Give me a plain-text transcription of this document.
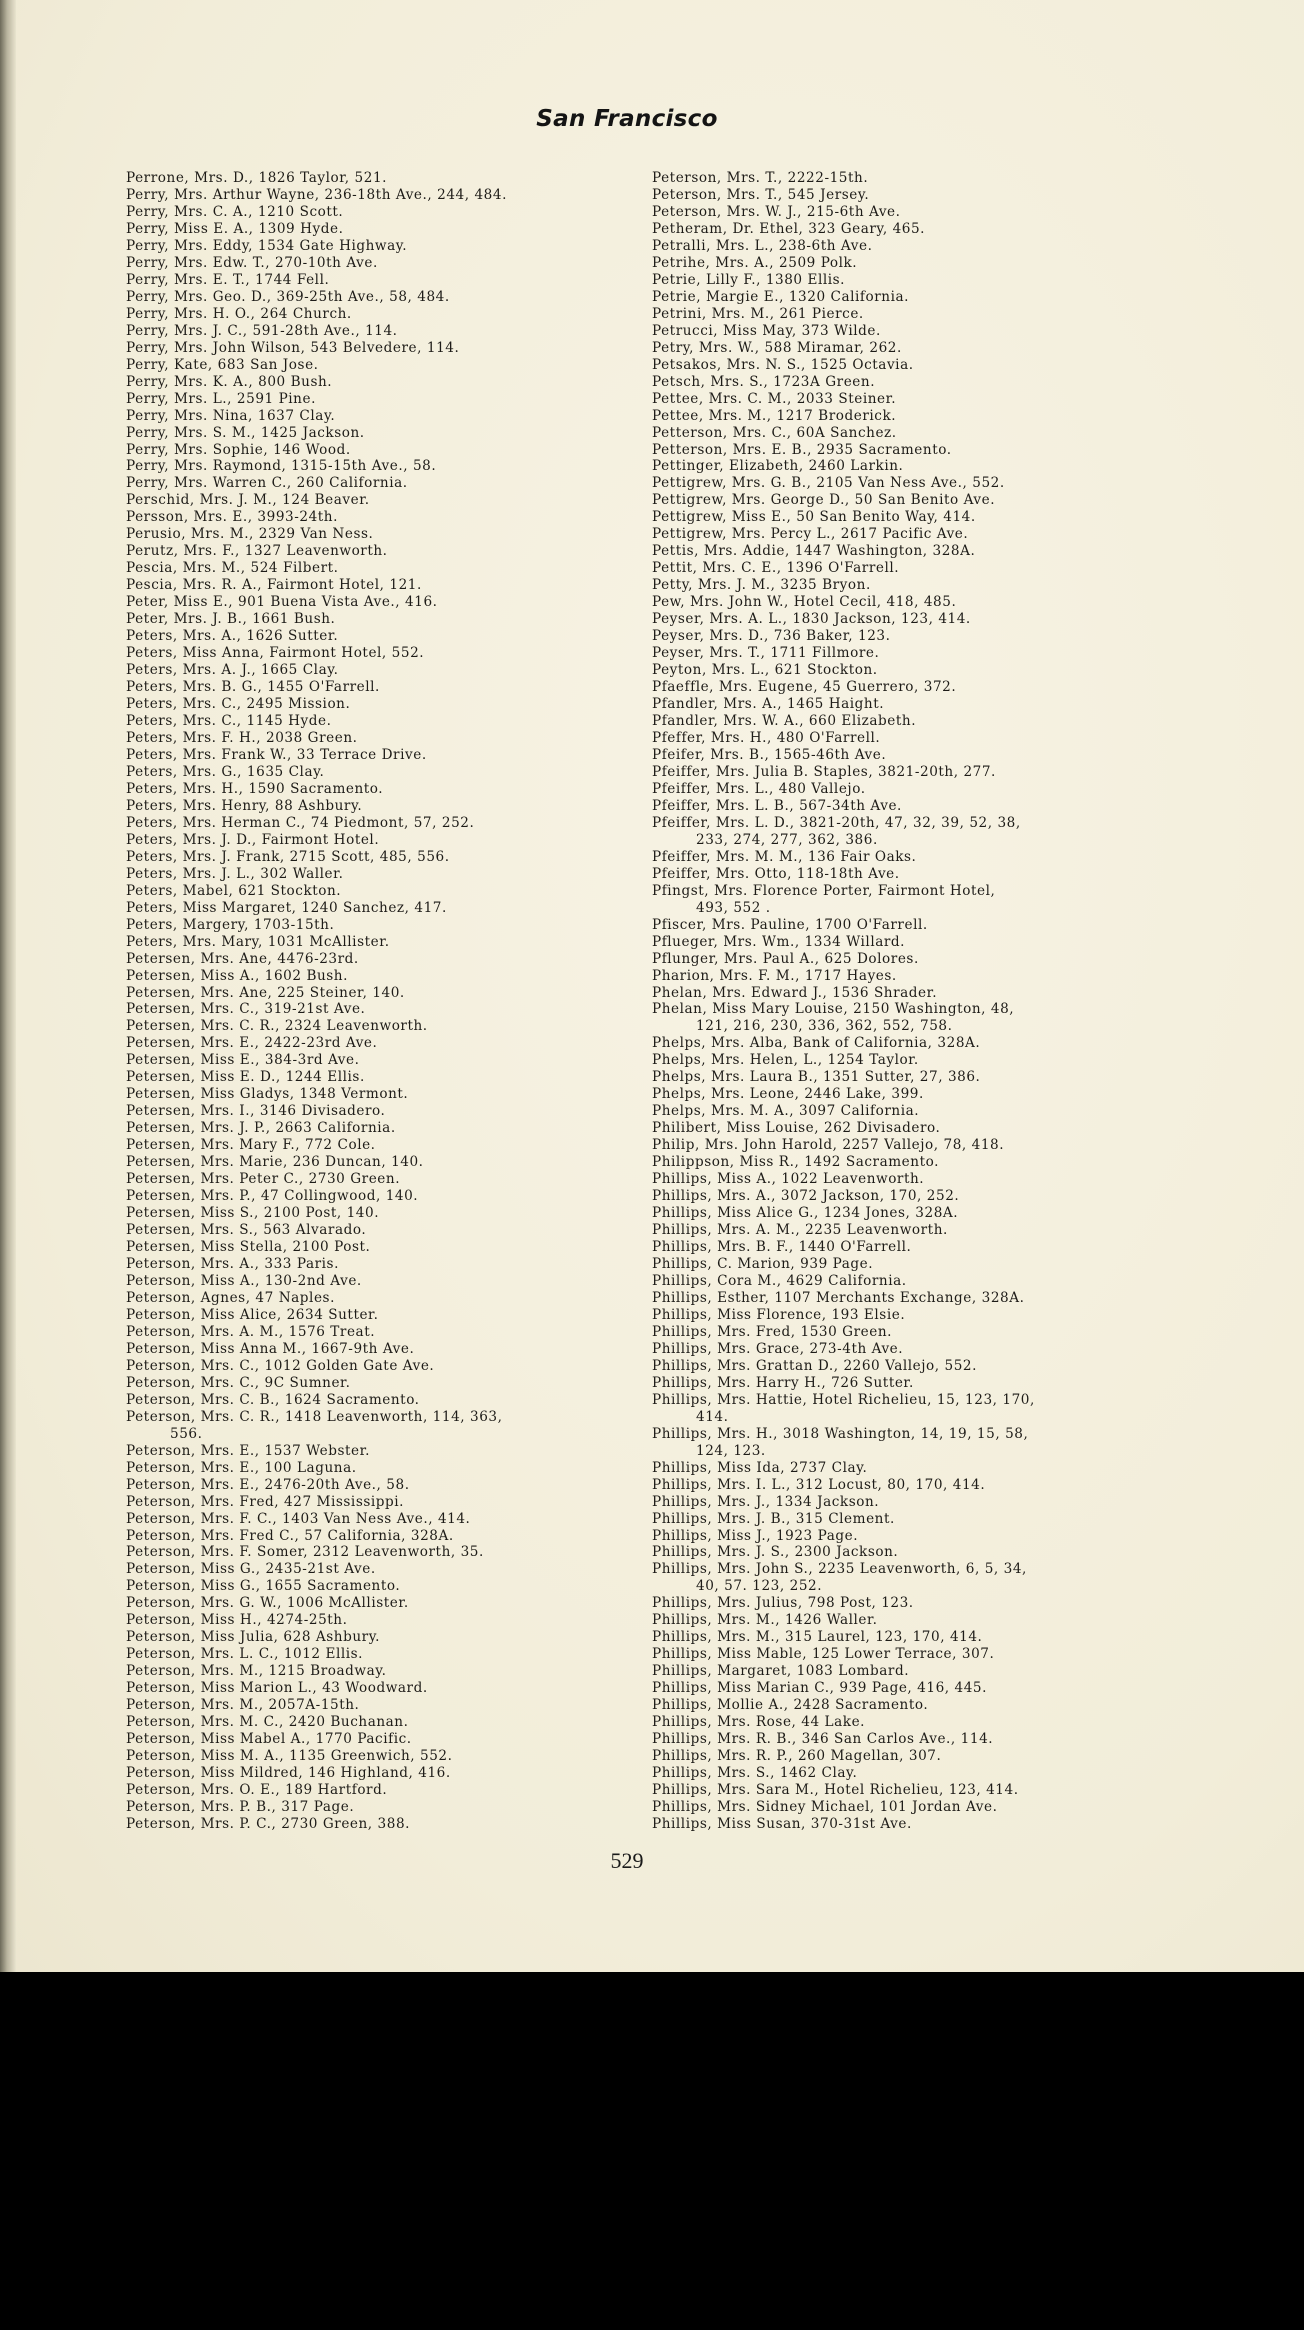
San Francisco
Perrone, Mrs. D., 1826 Taylor, 521.
Perry, Mrs. Arthur Wayne, 236-18th Ave., 244, 484.
Perry, Mrs. C. A., 1210 Scott.
Perry, Miss E. A., 1309 Hyde.
Perry, Mrs. Eddy, 1534 Gate Highway.
Perry, Mrs. Edw. T., 270-10th Ave.
Perry, Mrs. E. T., 1744 Fell.
Perry, Mrs. Geo. D., 369-25th Ave., 58, 484.
Perry, Mrs. H. O., 264 Church.
Perry, Mrs. J. C., 591-28th Ave., 114.
Perry, Mrs. John Wilson, 543 Belvedere, 114.
Perry, Kate, 683 San Jose.
Perry, Mrs. K. A., 800 Bush.
Perry, Mrs. L., 2591 Pine.
Perry, Mrs. Nina, 1637 Clay.
Perry, Mrs. S. M., 1425 Jackson.
Perry, Mrs. Sophie, 146 Wood.
Perry, Mrs. Raymond, 1315-15th Ave., 58.
Perry, Mrs. Warren C., 260 California.
Perschid, Mrs. J. M., 124 Beaver.
Persson, Mrs. E., 3993-24th.
Perusio, Mrs. M., 2329 Van Ness.
Perutz, Mrs. F., 1327 Leavenworth.
Pescia, Mrs. M., 524 Filbert.
Pescia, Mrs. R. A., Fairmont Hotel, 121.
Peter, Miss E., 901 Buena Vista Ave., 416.
Peter, Mrs. J. B., 1661 Bush.
Peters, Mrs. A., 1626 Sutter.
Peters, Miss Anna, Fairmont Hotel, 552.
Peters, Mrs. A. J., 1665 Clay.
Peters, Mrs. B. G., 1455 O'Farrell.
Peters, Mrs. C., 2495 Mission.
Peters, Mrs. C., 1145 Hyde.
Peters, Mrs. F. H., 2038 Green.
Peters, Mrs. Frank W., 33 Terrace Drive.
Peters, Mrs. G., 1635 Clay.
Peters, Mrs. H., 1590 Sacramento.
Peters, Mrs. Henry, 88 Ashbury.
Peters, Mrs. Herman C., 74 Piedmont, 57, 252.
Peters, Mrs. J. D., Fairmont Hotel.
Peters, Mrs. J. Frank, 2715 Scott, 485, 556.
Peters, Mrs. J. L., 302 Waller.
Peters, Mabel, 621 Stockton.
Peters, Miss Margaret, 1240 Sanchez, 417.
Peters, Margery, 1703-15th.
Peters, Mrs. Mary, 1031 McAllister.
Petersen, Mrs. Ane, 4476-23rd.
Petersen, Miss A., 1602 Bush.
Petersen, Mrs. Ane, 225 Steiner, 140.
Petersen, Mrs. C., 319-21st Ave.
Petersen, Mrs. C. R., 2324 Leavenworth.
Petersen, Mrs. E., 2422-23rd Ave.
Petersen, Miss E., 384-3rd Ave.
Petersen, Miss E. D., 1244 Ellis.
Petersen, Miss Gladys, 1348 Vermont.
Petersen, Mrs. I., 3146 Divisadero.
Petersen, Mrs. J. P., 2663 California.
Petersen, Mrs. Mary F., 772 Cole.
Petersen, Mrs. Marie, 236 Duncan, 140.
Petersen, Mrs. Peter C., 2730 Green.
Petersen, Mrs. P., 47 Collingwood, 140.
Petersen, Miss S., 2100 Post, 140.
Petersen, Mrs. S., 563 Alvarado.
Petersen, Miss Stella, 2100 Post.
Peterson, Mrs. A., 333 Paris.
Peterson, Miss A., 130-2nd Ave.
Peterson, Agnes, 47 Naples.
Peterson, Miss Alice, 2634 Sutter.
Peterson, Mrs. A. M., 1576 Treat.
Peterson, Miss Anna M., 1667-9th Ave.
Peterson, Mrs. C., 1012 Golden Gate Ave.
Peterson, Mrs. C., 9C Sumner.
Peterson, Mrs. C. B., 1624 Sacramento.
Peterson, Mrs. C. R., 1418 Leavenworth, 114, 363,
556.
Peterson, Mrs. E., 1537 Webster.
Peterson, Mrs. E., 100 Laguna.
Peterson, Mrs. E., 2476-20th Ave., 58.
Peterson, Mrs. Fred, 427 Mississippi.
Peterson, Mrs. F. C., 1403 Van Ness Ave., 414.
Peterson, Mrs. Fred C., 57 California, 328A.
Peterson, Mrs. F. Somer, 2312 Leavenworth, 35.
Peterson, Miss G., 2435-21st Ave.
Peterson, Miss G., 1655 Sacramento.
Peterson, Mrs. G. W., 1006 McAllister.
Peterson, Miss H., 4274-25th.
Peterson, Miss Julia, 628 Ashbury.
Peterson, Mrs. L. C., 1012 Ellis.
Peterson, Mrs. M., 1215 Broadway.
Peterson, Miss Marion L., 43 Woodward.
Peterson, Mrs. M., 2057A-15th.
Peterson, Mrs. M. C., 2420 Buchanan.
Peterson, Miss Mabel A., 1770 Pacific.
Peterson, Miss M. A., 1135 Greenwich, 552.
Peterson, Miss Mildred, 146 Highland, 416.
Peterson, Mrs. O. E., 189 Hartford.
Peterson, Mrs. P. B., 317 Page.
Peterson, Mrs. P. C., 2730 Green, 388.
Peterson, Mrs. T., 2222-15th.
Peterson, Mrs. T., 545 Jersey.
Peterson, Mrs. W. J., 215-6th Ave.
Petheram, Dr. Ethel, 323 Geary, 465.
Petralli, Mrs. L., 238-6th Ave.
Petrihe, Mrs. A., 2509 Polk.
Petrie, Lilly F., 1380 Ellis.
Petrie, Margie E., 1320 California.
Petrini, Mrs. M., 261 Pierce.
Petrucci, Miss May, 373 Wilde.
Petry, Mrs. W., 588 Miramar, 262.
Petsakos, Mrs. N. S., 1525 Octavia.
Petsch, Mrs. S., 1723A Green.
Pettee, Mrs. C. M., 2033 Steiner.
Pettee, Mrs. M., 1217 Broderick.
Petterson, Mrs. C., 60A Sanchez.
Petterson, Mrs. E. B., 2935 Sacramento.
Pettinger, Elizabeth, 2460 Larkin.
Pettigrew, Mrs. G. B., 2105 Van Ness Ave., 552.
Pettigrew, Mrs. George D., 50 San Benito Ave.
Pettigrew, Miss E., 50 San Benito Way, 414.
Pettigrew, Mrs. Percy L., 2617 Pacific Ave.
Pettis, Mrs. Addie, 1447 Washington, 328A.
Pettit, Mrs. C. E., 1396 O'Farrell.
Petty, Mrs. J. M., 3235 Bryon.
Pew, Mrs. John W., Hotel Cecil, 418, 485.
Peyser, Mrs. A. L., 1830 Jackson, 123, 414.
Peyser, Mrs. D., 736 Baker, 123.
Peyser, Mrs. T., 1711 Fillmore.
Peyton, Mrs. L., 621 Stockton.
Pfaeffle, Mrs. Eugene, 45 Guerrero, 372.
Pfandler, Mrs. A., 1465 Haight.
Pfandler, Mrs. W. A., 660 Elizabeth.
Pfeffer, Mrs. H., 480 O'Farrell.
Pfeifer, Mrs. B., 1565-46th Ave.
Pfeiffer, Mrs. Julia B. Staples, 3821-20th, 277.
Pfeiffer, Mrs. L., 480 Vallejo.
Pfeiffer, Mrs. L. B., 567-34th Ave.
Pfeiffer, Mrs. L. D., 3821-20th, 47, 32, 39, 52, 38,
233, 274, 277, 362, 386.
Pfeiffer, Mrs. M. M., 136 Fair Oaks.
Pfeiffer, Mrs. Otto, 118-18th Ave.
Pfingst, Mrs. Florence Porter, Fairmont Hotel,
493, 552 .
Pfiscer, Mrs. Pauline, 1700 O'Farrell.
Pflueger, Mrs. Wm., 1334 Willard.
Pflunger, Mrs. Paul A., 625 Dolores.
Pharion, Mrs. F. M., 1717 Hayes.
Phelan, Mrs. Edward J., 1536 Shrader.
Phelan, Miss Mary Louise, 2150 Washington, 48,
121, 216, 230, 336, 362, 552, 758.
Phelps, Mrs. Alba, Bank of California, 328A.
Phelps, Mrs. Helen, L., 1254 Taylor.
Phelps, Mrs. Laura B., 1351 Sutter, 27, 386.
Phelps, Mrs. Leone, 2446 Lake, 399.
Phelps, Mrs. M. A., 3097 California.
Philibert, Miss Louise, 262 Divisadero.
Philip, Mrs. John Harold, 2257 Vallejo, 78, 418.
Philippson, Miss R., 1492 Sacramento.
Phillips, Miss A., 1022 Leavenworth.
Phillips, Mrs. A., 3072 Jackson, 170, 252.
Phillips, Miss Alice G., 1234 Jones, 328A.
Phillips, Mrs. A. M., 2235 Leavenworth.
Phillips, Mrs. B. F., 1440 O'Farrell.
Phillips, C. Marion, 939 Page.
Phillips, Cora M., 4629 California.
Phillips, Esther, 1107 Merchants Exchange, 328A.
Phillips, Miss Florence, 193 Elsie.
Phillips, Mrs. Fred, 1530 Green.
Phillips, Mrs. Grace, 273-4th Ave.
Phillips, Mrs. Grattan D., 2260 Vallejo, 552.
Phillips, Mrs. Harry H., 726 Sutter.
Phillips, Mrs. Hattie, Hotel Richelieu, 15, 123, 170,
414.
Phillips, Mrs. H., 3018 Washington, 14, 19, 15, 58,
124, 123.
Phillips, Miss Ida, 2737 Clay.
Phillips, Mrs. I. L., 312 Locust, 80, 170, 414.
Phillips, Mrs. J., 1334 Jackson.
Phillips, Mrs. J. B., 315 Clement.
Phillips, Miss J., 1923 Page.
Phillips, Mrs. J. S., 2300 Jackson.
Phillips, Mrs. John S., 2235 Leavenworth, 6, 5, 34,
40, 57. 123, 252.
Phillips, Mrs. Julius, 798 Post, 123.
Phillips, Mrs. M., 1426 Waller.
Phillips, Mrs. M., 315 Laurel, 123, 170, 414.
Phillips, Miss Mable, 125 Lower Terrace, 307.
Phillips, Margaret, 1083 Lombard.
Phillips, Miss Marian C., 939 Page, 416, 445.
Phillips, Mollie A., 2428 Sacramento.
Phillips, Mrs. Rose, 44 Lake.
Phillips, Mrs. R. B., 346 San Carlos Ave., 114.
Phillips, Mrs. R. P., 260 Magellan, 307.
Phillips, Mrs. S., 1462 Clay.
Phillips, Mrs. Sara M., Hotel Richelieu, 123, 414.
Phillips, Mrs. Sidney Michael, 101 Jordan Ave.
Phillips, Miss Susan, 370-31st Ave.
529
